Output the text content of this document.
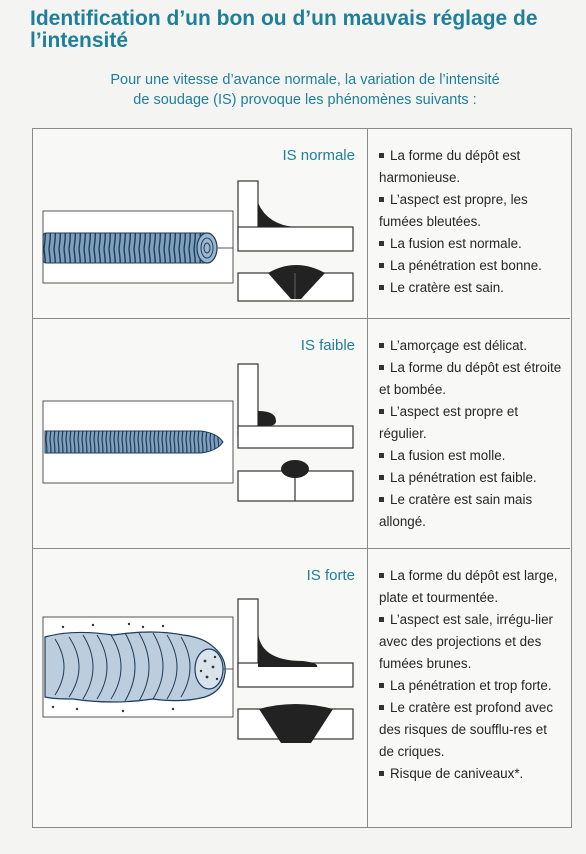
Identification d’un bon ou d’un mauvais réglage de l’intensité
Pour une vitesse d’avance normale, la variation de l’intensité
de soudage (IS) provoque les phénomènes suivants :
IS normale	La forme du dépôt est harmonieuse.

L’aspect est propre, les fumées bleutées.

La fusion est normale.

La pénétration est bonne.

Le cratère est sain.

IS faible	L’amorçage est délicat.

La forme du dépôt est étroite et bombée.

L’aspect est propre et régulier.

La fusion est molle.

La pénétration est faible.

Le cratère est sain mais allongé.

IS forte	La forme du dépôt est large, plate et tourmentée.

L’aspect est sale, irrégu-lier avec des projections et des fumées brunes.

La pénétration et trop forte.

Le cratère est profond avec des risques de soufflu-res et de criques.

Risque de caniveaux*.
